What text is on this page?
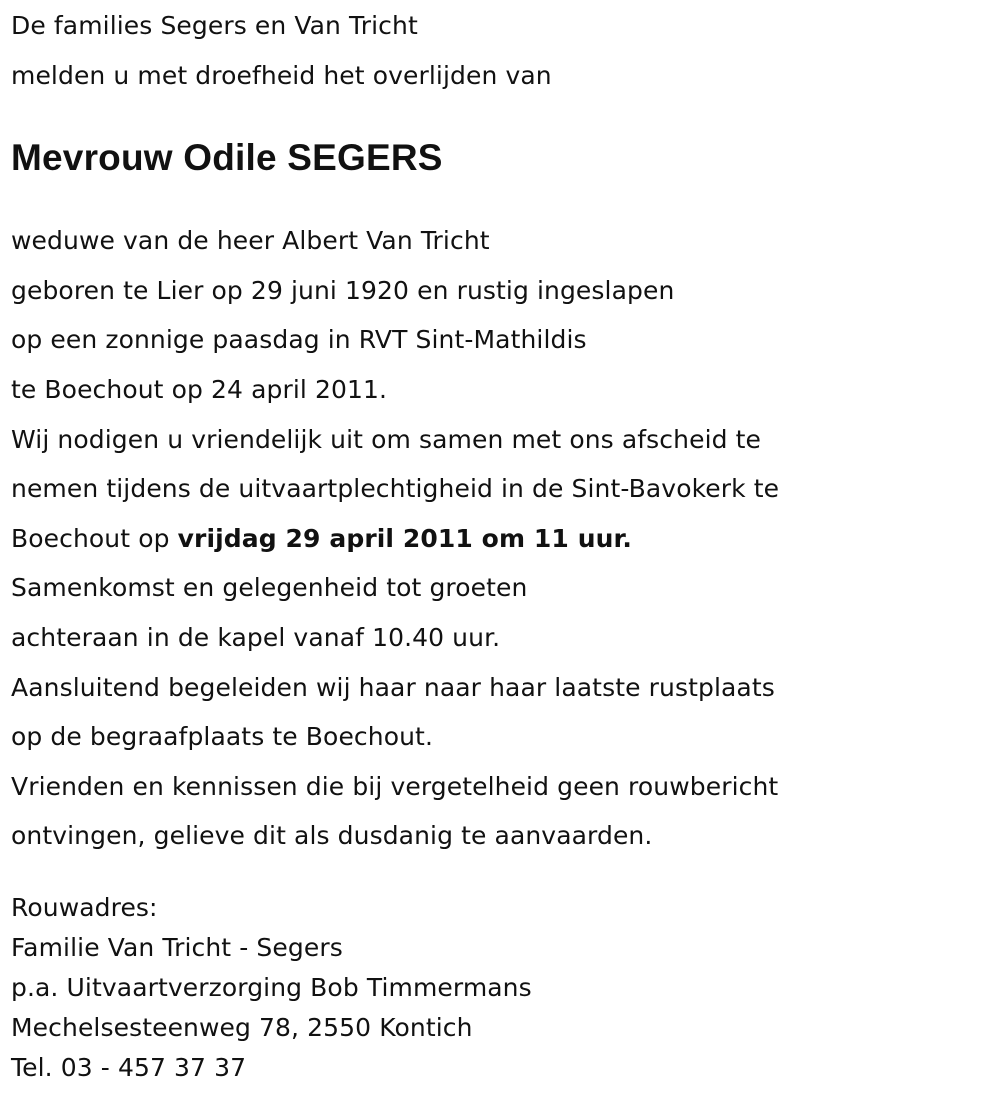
De families Segers en Van Tricht
melden u met droefheid het overlijden van
Mevrouw Odile SEGERS
weduwe van de heer Albert Van Tricht
geboren te Lier op 29 juni 1920 en rustig ingeslapen
op een zonnige paasdag in RVT Sint-Mathildis
te Boechout op 24 april 2011.
Wij nodigen u vriendelijk uit om samen met ons afscheid te
nemen tijdens de uitvaartplechtigheid in de Sint-Bavokerk te
Boechout op vrijdag 29 april 2011 om 11 uur.
Samenkomst en gelegenheid tot groeten
achteraan in de kapel vanaf 10.40 uur.
Aansluitend begeleiden wij haar naar haar laatste rustplaats
op de begraafplaats te Boechout.
Vrienden en kennissen die bij vergetelheid geen rouwbericht
ontvingen, gelieve dit als dusdanig te aanvaarden.
Rouwadres:
Familie Van Tricht - Segers
p.a. Uitvaartverzorging Bob Timmermans
Mechelsesteenweg 78, 2550 Kontich
Tel. 03 - 457 37 37
